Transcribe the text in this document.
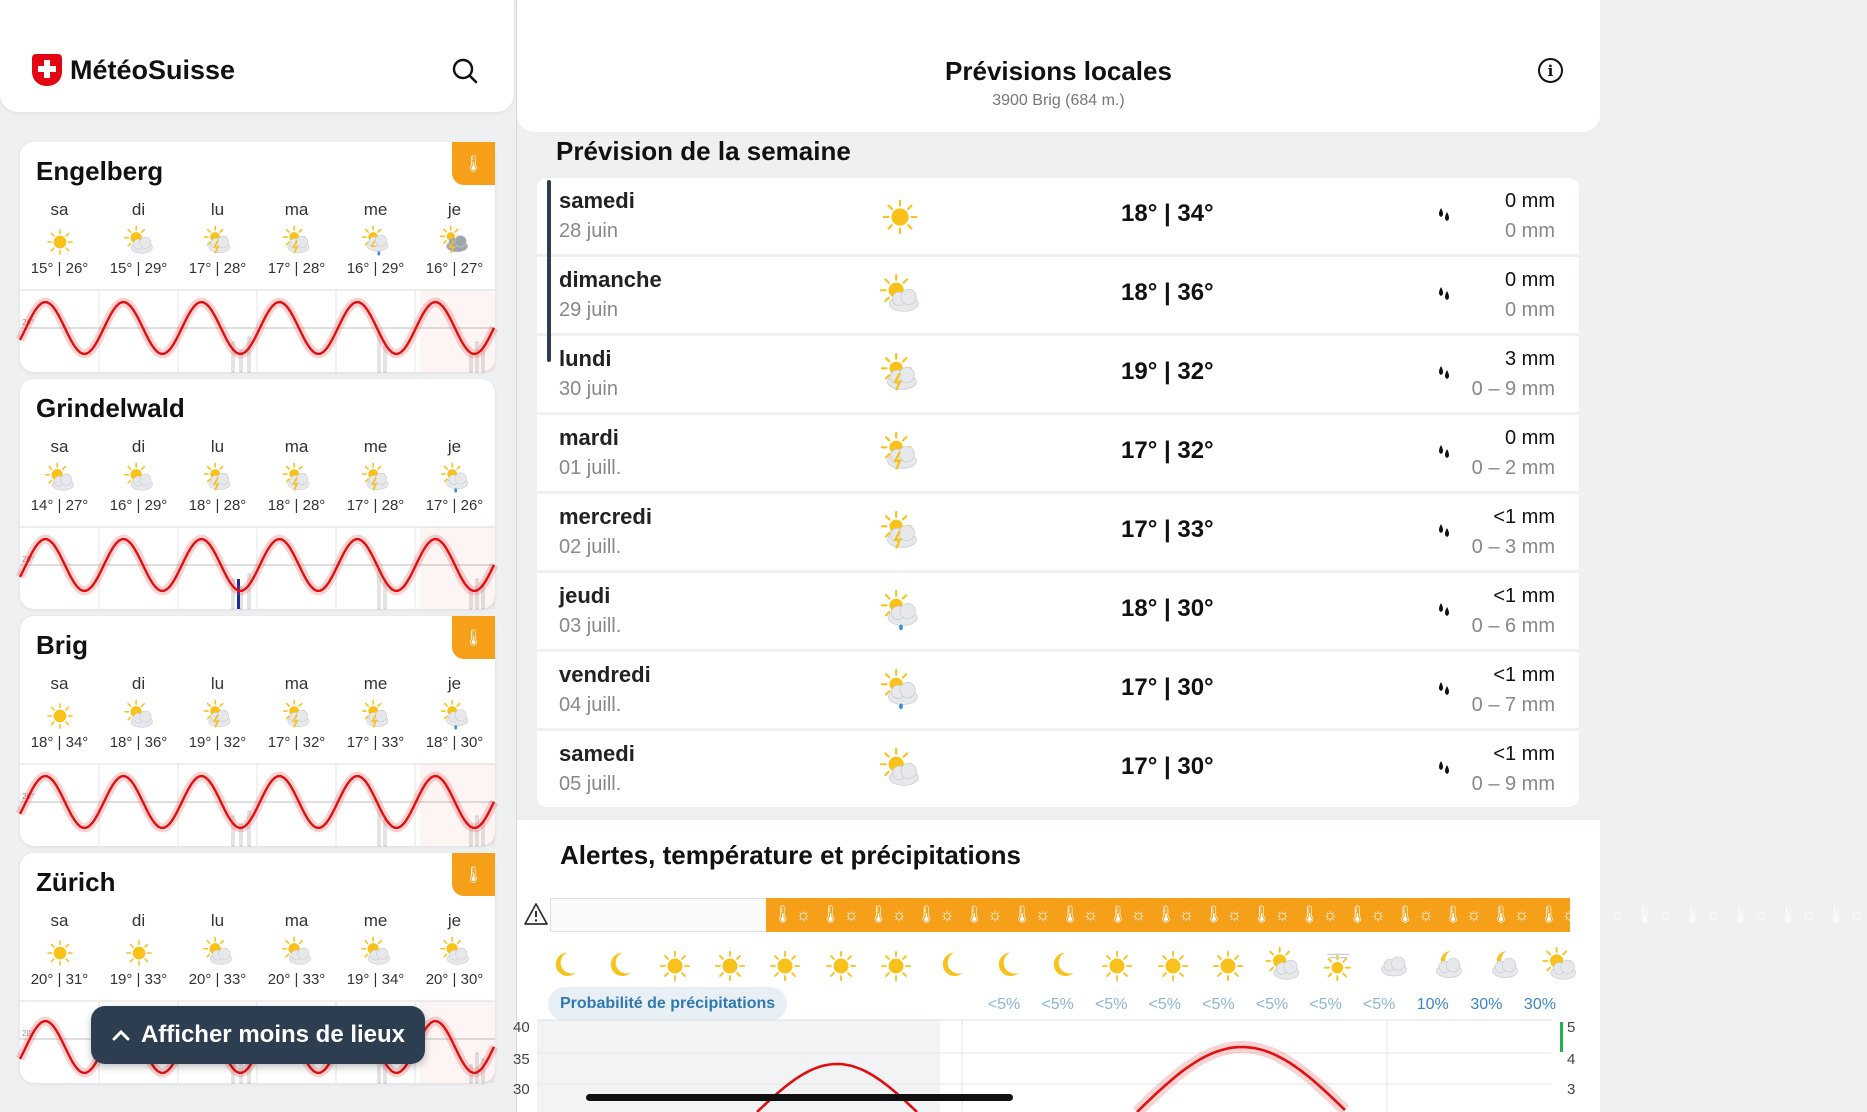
MétéoSuisse
Engelberg	🌡
sa
15° | 26°
di
15° | 29°
lu
17° | 28°
ma
17° | 28°
me
16° | 29°
je
16° | 27°
20°
Grindelwald
sa
14° | 27°
di
16° | 29°
lu
18° | 28°
ma
18° | 28°
me
17° | 28°
je
17° | 26°
20°
Brig	🌡
sa
18° | 34°
di
18° | 36°
lu
19° | 32°
ma
17° | 32°
me
17° | 33°
je
18° | 30°
20°
Zürich	🌡
sa
20° | 31°
di
19° | 33°
lu
20° | 33°
ma
20° | 33°
me
19° | 34°
je
20° | 30°
20°	Afficher moins de lieux
Prévisions locales
3900 Brig (684 m.)
i
Prévision de la semaine
samedi
28 juin
18° | 34°	0 mm
0 mm
dimanche
29 juin
18° | 36°	0 mm
0 mm
lundi
30 juin
19° | 32°	3 mm
0 – 9 mm
mardi
01 juill.
17° | 32°	0 mm
0 – 2 mm
mercredi
02 juill.
17° | 33°	<1 mm
0 – 3 mm
jeudi
03 juill.
18° | 30°	<1 mm
0 – 6 mm
vendredi
04 juill.
17° | 30°	<1 mm
0 – 7 mm
samedi
05 juill.
17° | 30°	<1 mm
0 – 9 mm
Alertes, température et précipitations
🌡☼ 🌡☼ 🌡☼ 🌡☼ 🌡☼ 🌡☼ 🌡☼ 🌡☼ 🌡☼ 🌡☼ 🌡☼ 🌡☼ 🌡☼ 🌡☼ 🌡☼ 🌡☼ 🌡☼ 🌡☼ 🌡☼ 🌡☼ 🌡☼ 🌡☼ 🌡☼
Probabilité de précipitations	<5%	<5%	<5%	<5%	<5%	<5%	<5%	<5%	10%	30%	30%
40	5
35	4
30	3
